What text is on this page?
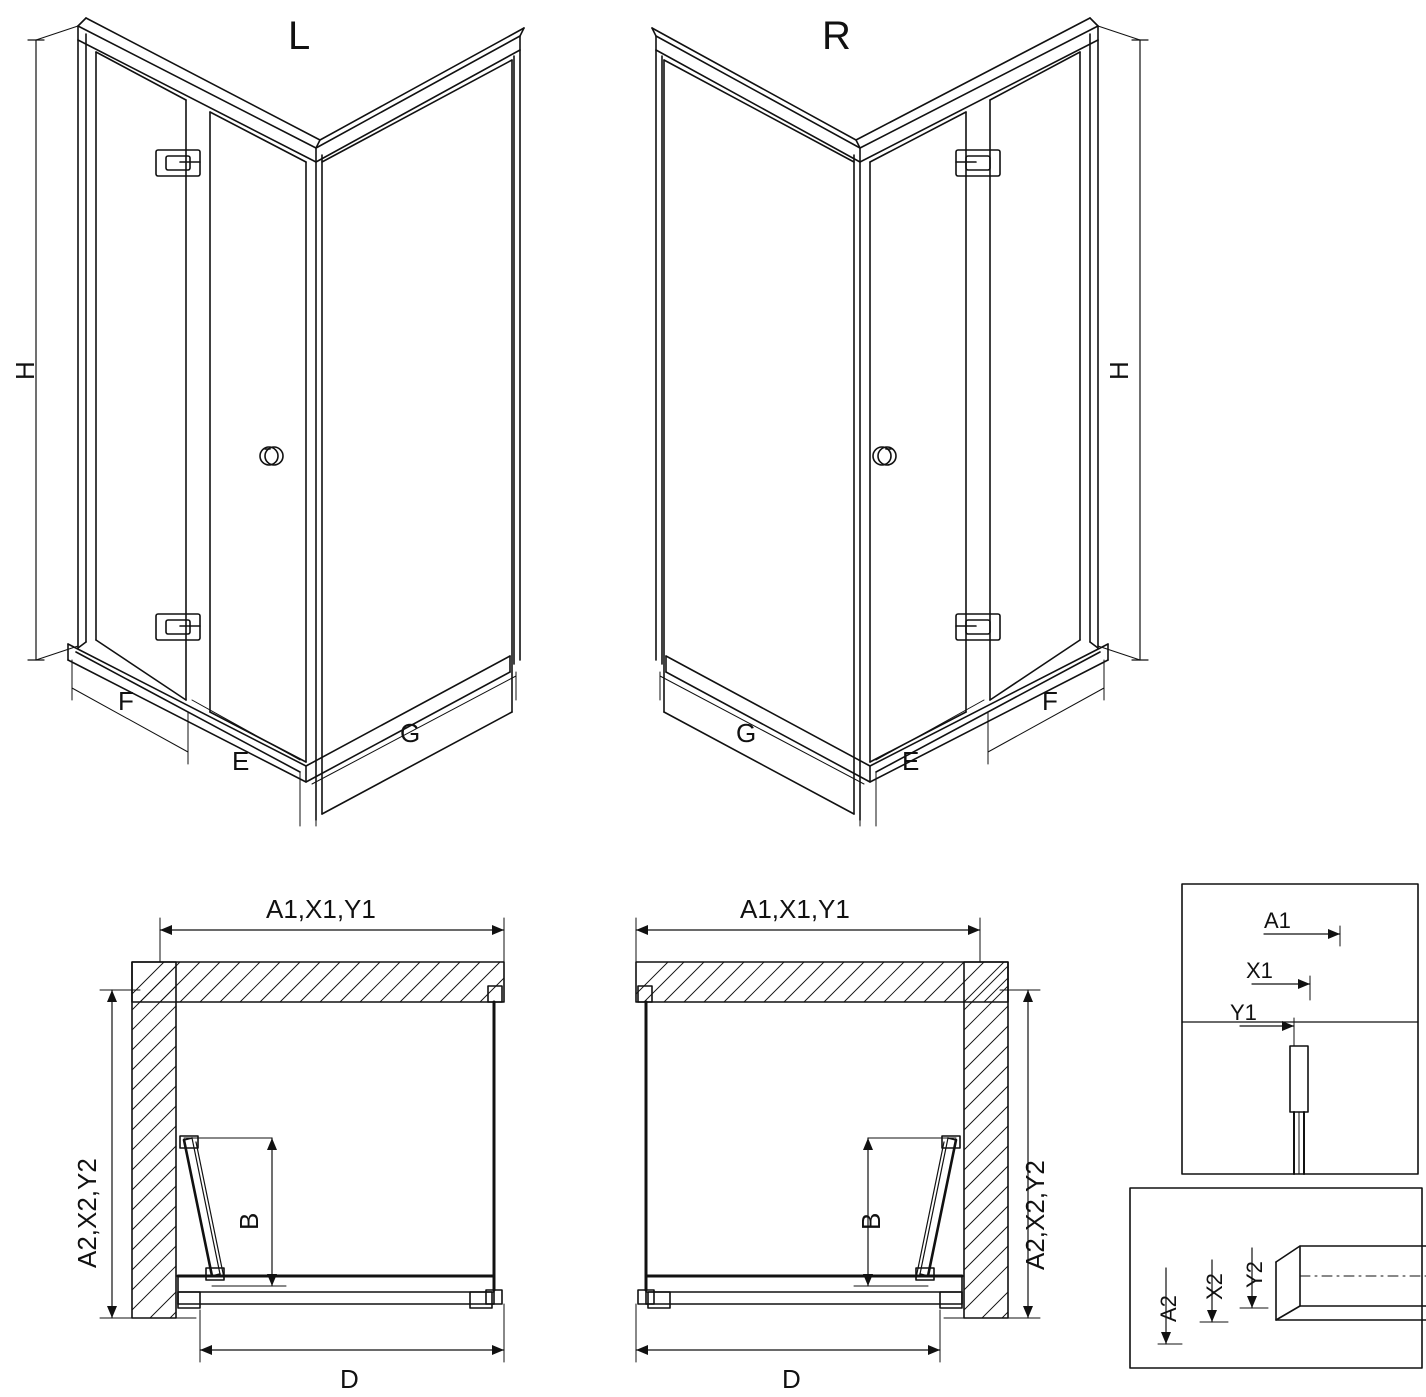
L	R
H	H
F
E
G	G
E
F
A1,X1,Y1
A2,X2,Y2	B
D
A1,X1,Y1
A2,X2,Y2
B
D
A1
X1
Y1
A2
X2 Y2
